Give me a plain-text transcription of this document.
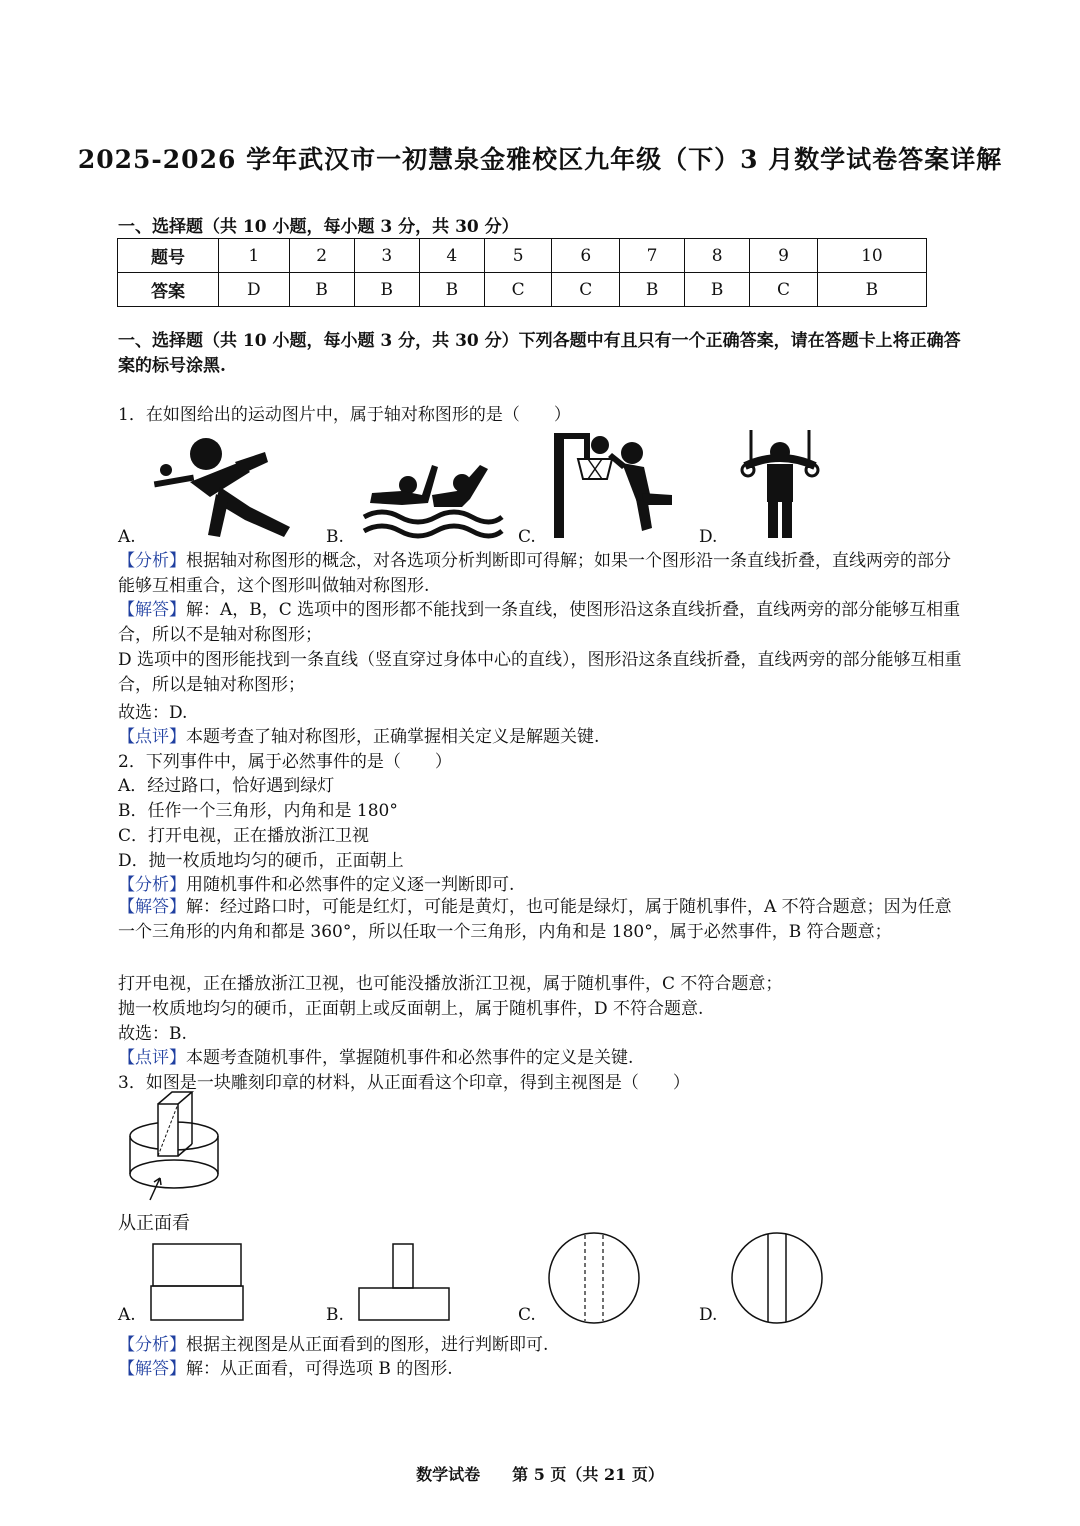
2025-2026 学年武汉市一初慧泉金雅校区九年级（下）3 月数学试卷答案详解
一、选择题（共 10 小题，每小题 3 分，共 30 分）
题号	1	2	3	4	5	6	7	8	9	10
答案	D	B	B	B	C	C	B	B	C	B
一、选择题（共 10 小题，每小题 3 分，共 30 分）下列各题中有且只有一个正确答案，请在答题卡上将正确答案的标号涂黑.
1．在如图给出的运动图片中，属于轴对称图形的是（　　）
A.	B.	C.	D.
【分析】根据轴对称图形的概念，对各选项分析判断即可得解；如果一个图形沿一条直线折叠，直线两旁的部分能够互相重合，这个图形叫做轴对称图形.
【解答】解：A，B，C 选项中的图形都不能找到一条直线，使图形沿这条直线折叠，直线两旁的部分能够互相重合，所以不是轴对称图形；
D 选项中的图形能找到一条直线（竖直穿过身体中心的直线），图形沿这条直线折叠，直线两旁的部分能够互相重合，所以是轴对称图形；
故选：D.
【点评】本题考查了轴对称图形，正确掌握相关定义是解题关键.
2．下列事件中，属于必然事件的是（　　）
A．经过路口，恰好遇到绿灯
B．任作一个三角形，内角和是 180°
C．打开电视，正在播放浙江卫视
D．抛一枚质地均匀的硬币，正面朝上
【分析】用随机事件和必然事件的定义逐一判断即可.
【解答】解：经过路口时，可能是红灯，可能是黄灯，也可能是绿灯，属于随机事件，A 不符合题意；因为任意一个三角形的内角和都是 360°，所以任取一个三角形，内角和是 180°，属于必然事件，B 符合题意；
打开电视，正在播放浙江卫视，也可能没播放浙江卫视，属于随机事件，C 不符合题意；
抛一枚质地均匀的硬币，正面朝上或反面朝上，属于随机事件，D 不符合题意.
故选：B.
【点评】本题考查随机事件，掌握随机事件和必然事件的定义是关键.
3．如图是一块雕刻印章的材料，从正面看这个印章，得到主视图是（　　）
从正面看
A.	B.	C.	D.
【分析】根据主视图是从正面看到的图形，进行判断即可.
【解答】解：从正面看，可得选项 B 的图形.
数学试卷　　第 5 页（共 21 页）
